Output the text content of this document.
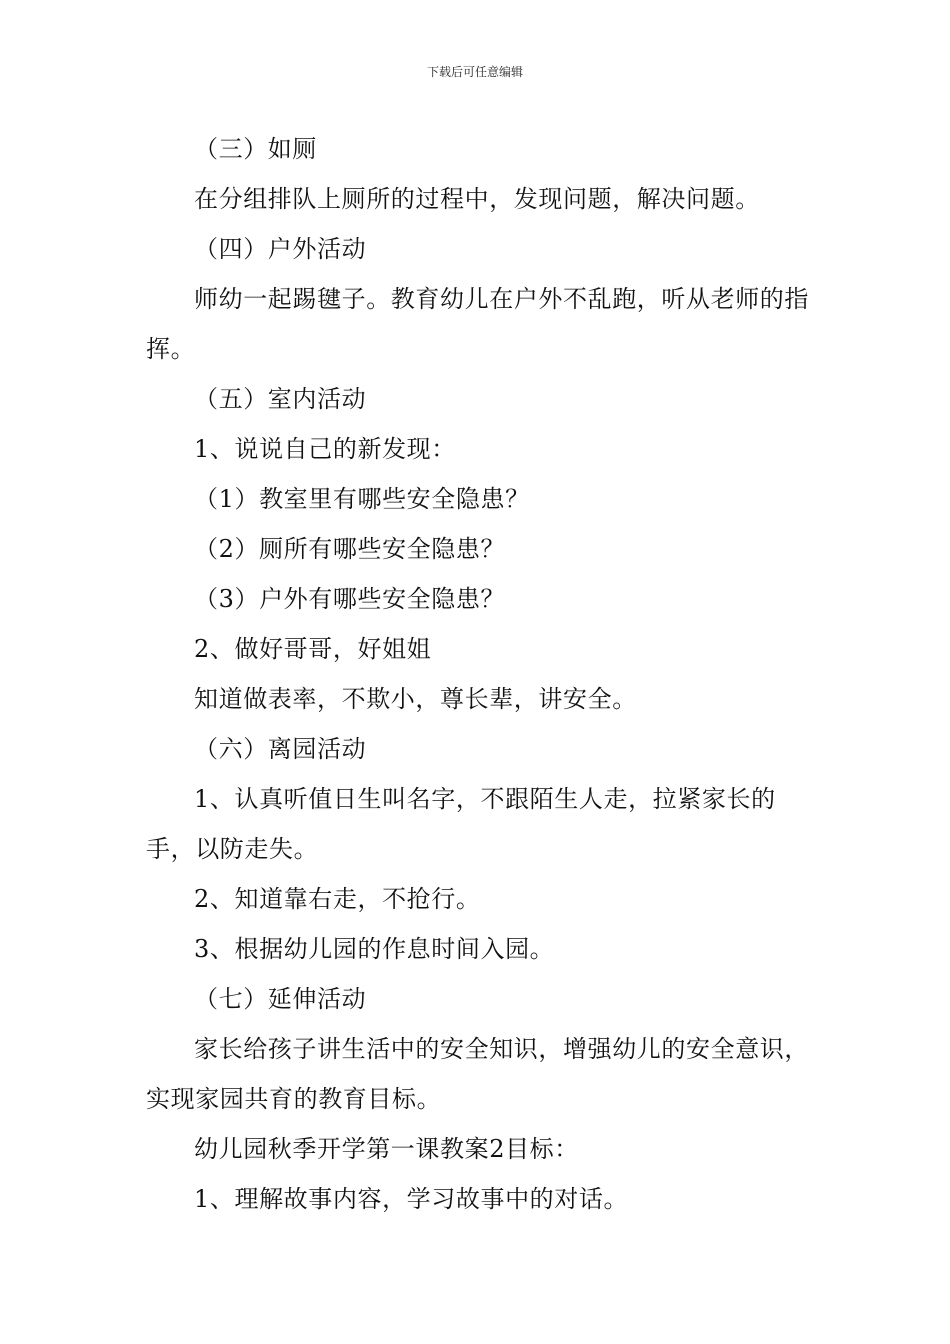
下载后可任意编辑

（三）如厕

在分组排队上厕所的过程中，发现问题，解决问题。

（四）户外活动

师幼一起踢毽子。教育幼儿在户外不乱跑，听从老师的指挥。

（五）室内活动

1、说说自己的新发现：

（1）教室里有哪些安全隐患？

（2）厕所有哪些安全隐患？

（3）户外有哪些安全隐患？

2、做好哥哥，好姐姐

知道做表率，不欺小，尊长辈，讲安全。

（六）离园活动

1、认真听值日生叫名字，不跟陌生人走，拉紧家长的手，以防走失。

2、知道靠右走，不抢行。

3、根据幼儿园的作息时间入园。

（七）延伸活动

家长给孩子讲生活中的安全知识，增强幼儿的安全意识，实现家园共育的教育目标。

幼儿园秋季开学第一课教案2目标：

1、理解故事内容，学习故事中的对话。
